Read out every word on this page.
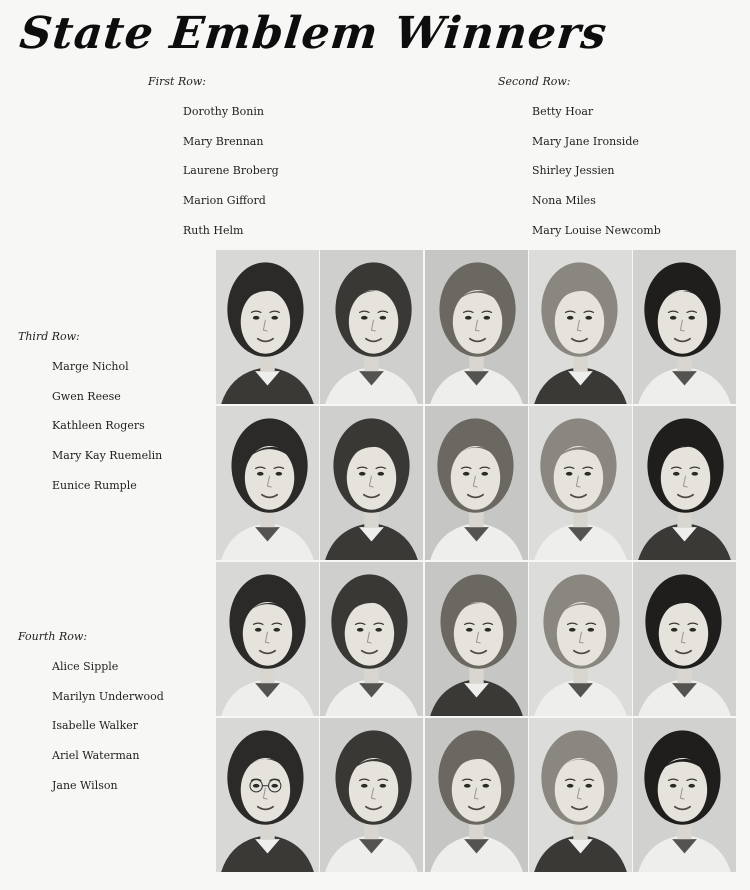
State Emblem Winners
First Row:
Dorothy Bonin
Mary Brennan
Laurene Broberg
Marion Gifford
Ruth Helm
Second Row:
Betty Hoar
Mary Jane Ironside
Shirley Jessien
Nona Miles
Mary Louise Newcomb
Third Row:
Marge Nichol
Gwen Reese
Kathleen Rogers
Mary Kay Ruemelin
Eunice Rumple
Fourth Row:
Alice Sipple
Marilyn Underwood
Isabelle Walker
Ariel Waterman
Jane Wilson
